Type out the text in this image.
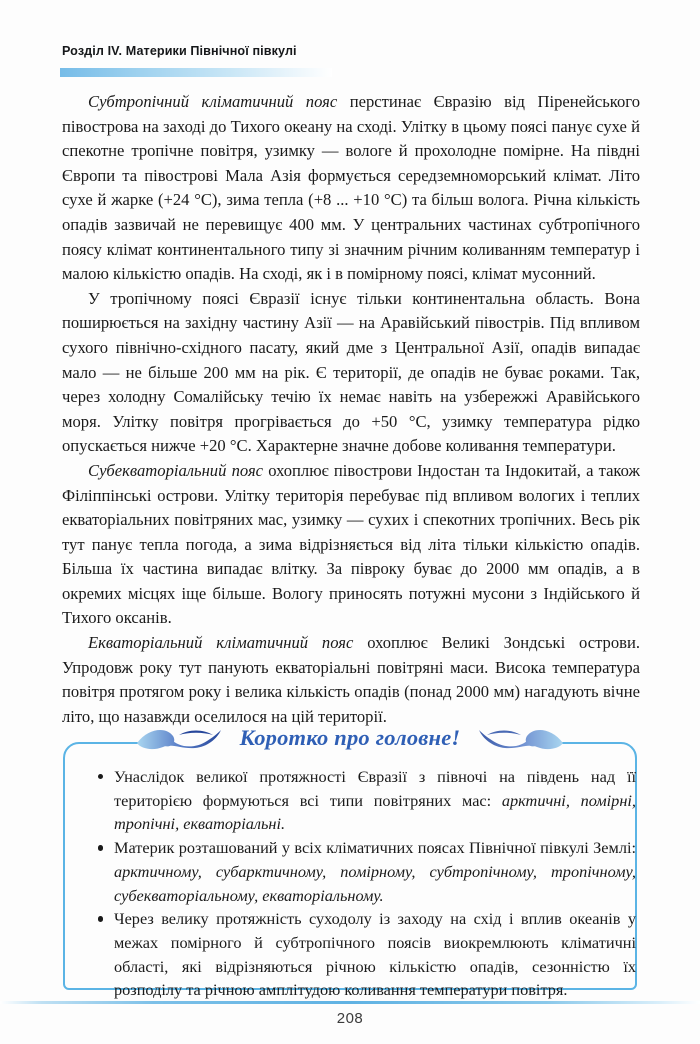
Розділ IV. Материки Північної півкулі

Субтропічний кліматичний пояс перстинає Євразію від Піренейського півострова на заході до Тихого океану на сході. Улітку в цьому поясі панує сухе й спекотне тропічне повітря, узимку — вологе й прохолодне помірне. На півдні Європи та півострові Мала Азія формується середземноморський клімат. Літо сухе й жарке (+24 °С), зима тепла (+8 ... +10 °С) та більш волога. Річна кількість опадів зазвичай не перевищує 400 мм. У центральних частинах субтропічного поясу клімат континентального типу зі значним річним коливанням температур і малою кількістю опадів. На сході, як і в помірному поясі, клімат мусонний.

У тропічному поясі Євразії існує тільки континентальна область. Вона поширюється на західну частину Азії — на Аравійський півострів. Під впливом сухого північно-східного пасату, який дме з Центральної Азії, опадів випадає мало — не більше 200 мм на рік. Є території, де опадів не буває роками. Так, через холодну Сомалійську течію їх немає навіть на узбережжі Аравійського моря. Улітку повітря прогрівається до +50 °С, узимку температура рідко опускається нижче +20 °С. Характерне значне добове коливання температури.

Субекваторіальний пояс охоплює півострови Індостан та Індокитай, а також Філіппінські острови. Улітку територія перебуває під впливом вологих і теплих екваторіальних повітряних мас, узимку — сухих і спекотних тропічних. Весь рік тут панує тепла погода, а зима відрізняється від літа тільки кількістю опадів. Більша їх частина випадає влітку. За півроку буває до 2000 мм опадів, а в окремих місцях іще більше. Вологу приносять потужні мусони з Індійського й Тихого оксанів.

Екваторіальний кліматичний пояс охоплює Великі Зондські острови. Упродовж року тут панують екваторіальні повітряні маси. Висока температура повітря протягом року і велика кількість опадів (понад 2000 мм) нагадують вічне літо, що назавжди оселилося на цій території.

Коротко про головне!
Унаслідок великої протяжності Євразії з півночі на південь над її територією формуються всі типи повітряних мас: арктичні, помірні, тропічні, екваторіальні.
Материк розташований у всіх кліматичних поясах Північної півкулі Землі: арктичному, субарктичному, помірному, субтропічному, тропічному, субекваторіальному, екваторіальному.
Через велику протяжність суходолу із заходу на схід і вплив океанів у межах помірного й субтропічного поясів виокремлюють кліматичні області, які відрізняються річною кількістю опадів, сезонністю їх розподілу та річною амплітудою коливання температури повітря.
208
